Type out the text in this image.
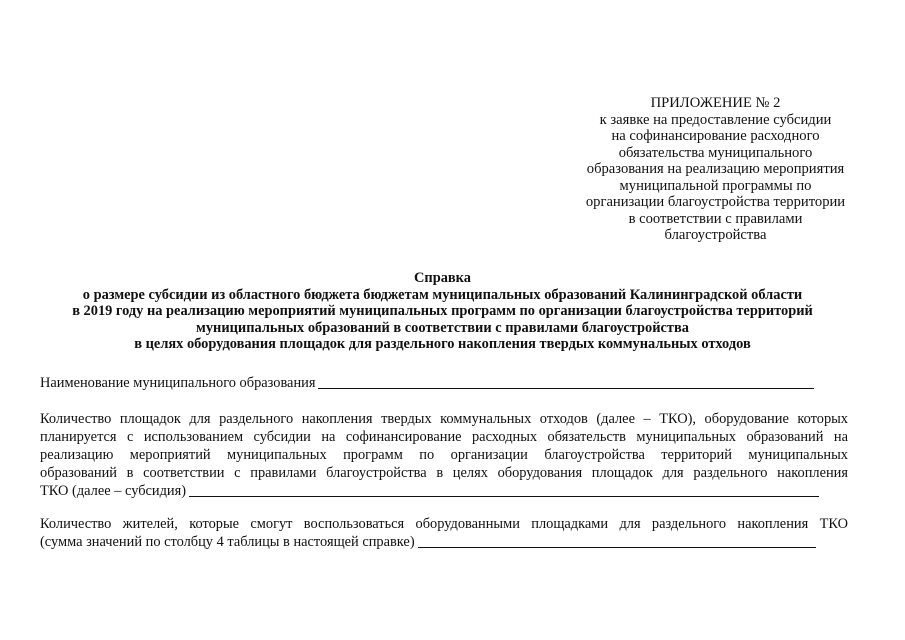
ПРИЛОЖЕНИЕ № 2
к заявке на предоставление субсидии
на софинансирование расходного
обязательства муниципального
образования на реализацию мероприятия
муниципальной программы по
организации благоустройства территории
в соответствии с правилами
благоустройства
Справка
о размере субсидии из областного бюджета бюджетам муниципальных образований Калининградской области
в 2019 году на реализацию мероприятий муниципальных программ по организации благоустройства территорий
муниципальных образований в соответствии с правилами благоустройства
в целях оборудования площадок для раздельного накопления твердых коммунальных отходов
Наименование муниципального образования
Количество площадок для раздельного накопления твердых коммунальных отходов (далее – ТКО), оборудование которых
планируется с использованием субсидии на софинансирование расходных обязательств муниципальных образований на
реализацию мероприятий муниципальных программ по организации благоустройства территорий муниципальных
образований в соответствии с правилами благоустройства в целях оборудования площадок для раздельного накопления
ТКО (далее – субсидия)
Количество жителей, которые смогут воспользоваться оборудованными площадками для раздельного накопления ТКО
(сумма значений по столбцу 4 таблицы в настоящей справке)
